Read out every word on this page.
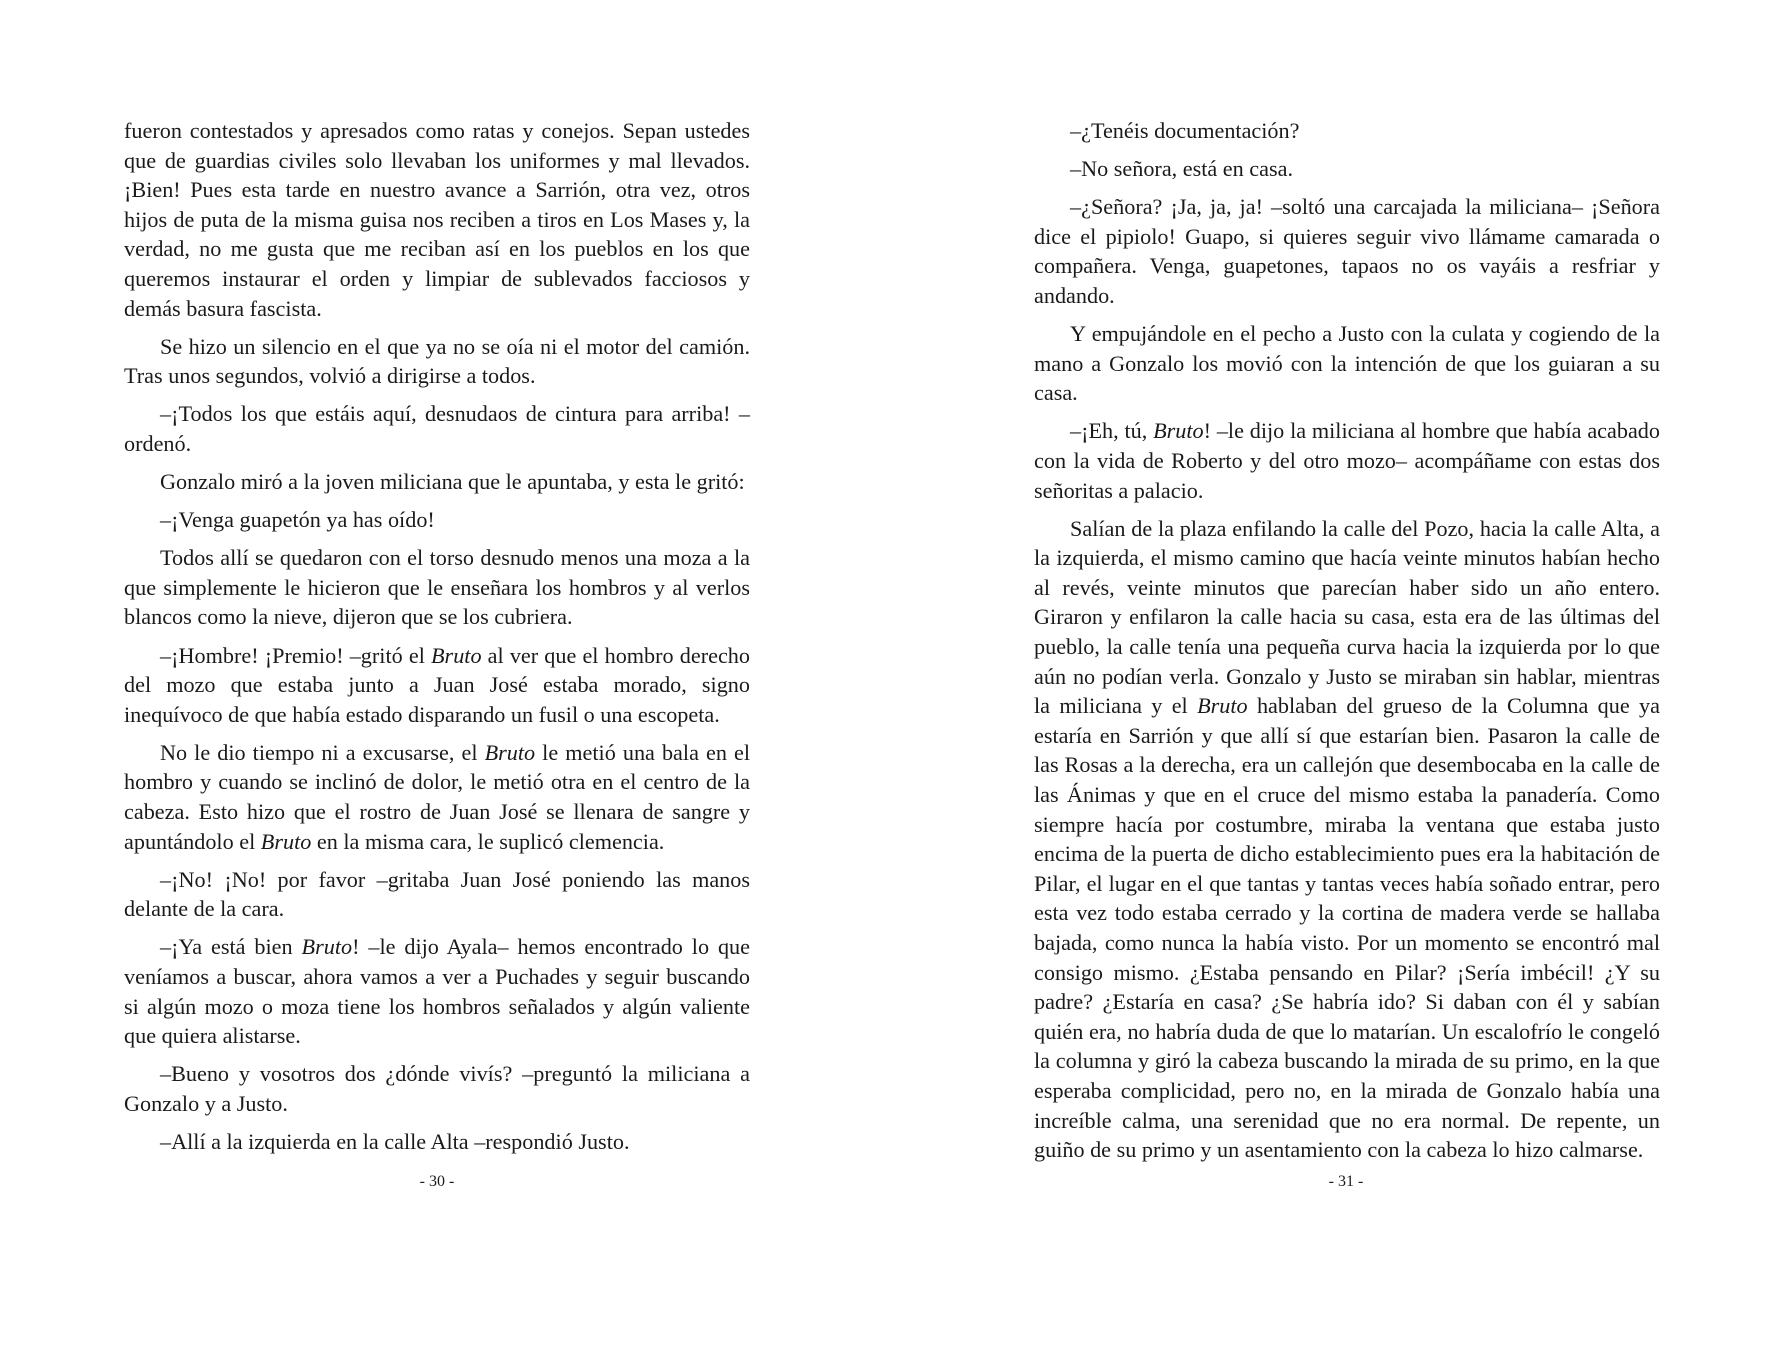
fueron contestados y apresados como ratas y conejos. Sepan ustedes que de guardias civiles solo llevaban los uniformes y mal llevados. ¡Bien! Pues esta tarde en nuestro avance a Sarrión, otra vez, otros hijos de puta de la misma guisa nos reciben a tiros en Los Mases y, la verdad, no me gusta que me reciban así en los pueblos en los que queremos instaurar el orden y limpiar de sublevados facciosos y demás basura fascista.

Se hizo un silencio en el que ya no se oía ni el motor del camión. Tras unos segundos, volvió a dirigirse a todos.

–¡Todos los que estáis aquí, desnudaos de cintura para arriba! –ordenó.

Gonzalo miró a la joven miliciana que le apuntaba, y esta le gritó:

–¡Venga guapetón ya has oído!

Todos allí se quedaron con el torso desnudo menos una moza a la que simplemente le hicieron que le enseñara los hombros y al verlos blancos como la nieve, dijeron que se los cubriera.

–¡Hombre! ¡Premio! –gritó el Bruto al ver que el hombro derecho del mozo que estaba junto a Juan José estaba morado, signo inequívoco de que había estado disparando un fusil o una escopeta.

No le dio tiempo ni a excusarse, el Bruto le metió una bala en el hombro y cuando se inclinó de dolor, le metió otra en el centro de la cabeza. Esto hizo que el rostro de Juan José se llenara de sangre y apuntándolo el Bruto en la misma cara, le suplicó clemencia.

–¡No! ¡No! por favor –gritaba Juan José poniendo las manos delante de la cara.

–¡Ya está bien Bruto! –le dijo Ayala– hemos encontrado lo que veníamos a buscar, ahora vamos a ver a Puchades y seguir buscando si algún mozo o moza tiene los hombros señalados y algún valiente que quiera alistarse.

–Bueno y vosotros dos ¿dónde vivís? –preguntó la miliciana a Gonzalo y a Justo.

–Allí a la izquierda en la calle Alta –respondió Justo.

- 30 -

–¿Tenéis documentación?

–No señora, está en casa.

–¿Señora? ¡Ja, ja, ja! –soltó una carcajada la miliciana– ¡Señora dice el pipiolo! Guapo, si quieres seguir vivo llámame camarada o compañera. Venga, guapetones, tapaos no os vayáis a resfriar y andando.

Y empujándole en el pecho a Justo con la culata y cogiendo de la mano a Gonzalo los movió con la intención de que los guiaran a su casa.

–¡Eh, tú, Bruto! –le dijo la miliciana al hombre que había acabado con la vida de Roberto y del otro mozo– acompáñame con estas dos señoritas a palacio.

Salían de la plaza enfilando la calle del Pozo, hacia la calle Alta, a la izquierda, el mismo camino que hacía veinte minutos habían hecho al revés, veinte minutos que parecían haber sido un año entero. Giraron y enfilaron la calle hacia su casa, esta era de las últimas del pueblo, la calle tenía una pequeña curva hacia la izquierda por lo que aún no podían verla. Gonzalo y Justo se miraban sin hablar, mientras la miliciana y el Bruto hablaban del grueso de la Columna que ya estaría en Sarrión y que allí sí que estarían bien. Pasaron la calle de las Rosas a la derecha, era un callejón que desembocaba en la calle de las Ánimas y que en el cruce del mismo estaba la panadería. Como siempre hacía por costumbre, miraba la ventana que estaba justo encima de la puerta de dicho establecimiento pues era la habitación de Pilar, el lugar en el que tantas y tantas veces había soñado entrar, pero esta vez todo estaba cerrado y la cortina de madera verde se hallaba bajada, como nunca la había visto. Por un momento se encontró mal consigo mismo. ¿Estaba pensando en Pilar? ¡Sería imbécil! ¿Y su padre? ¿Estaría en casa? ¿Se habría ido? Si daban con él y sabían quién era, no habría duda de que lo matarían. Un escalofrío le congeló la columna y giró la cabeza buscando la mirada de su primo, en la que esperaba complicidad, pero no, en la mirada de Gonzalo había una increíble calma, una serenidad que no era normal. De repente, un guiño de su primo y un asentamiento con la cabeza lo hizo calmarse.

- 31 -
